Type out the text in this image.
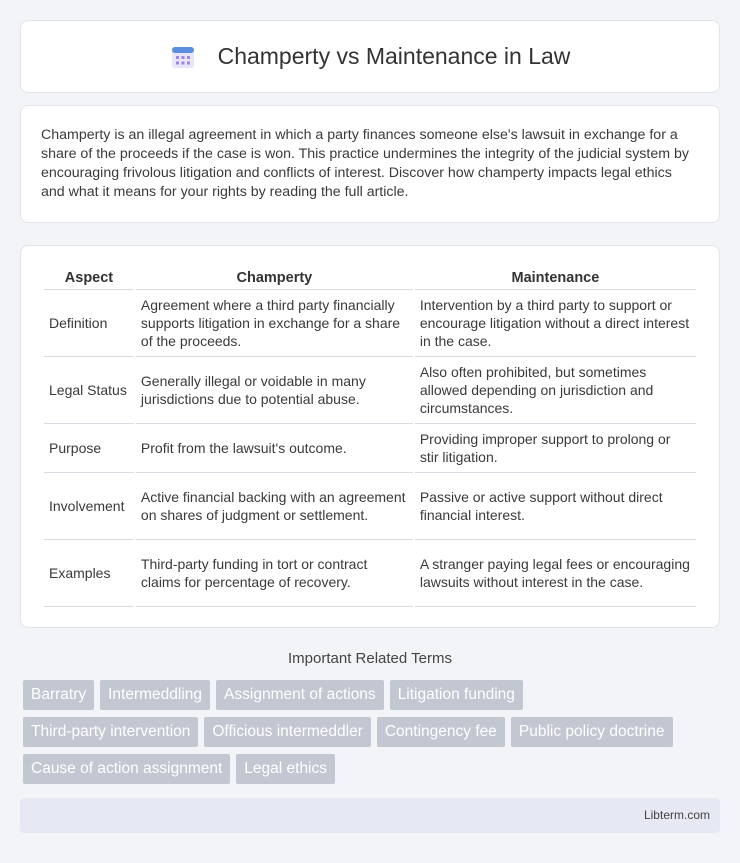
Champerty vs Maintenance in Law

Champerty is an illegal agreement in which a party finances someone else's lawsuit in exchange for a share of the proceeds if the case is won. This practice undermines the integrity of the judicial system by encouraging frivolous litigation and conflicts of interest. Discover how champerty impacts legal ethics and what it means for your rights by reading the full article.

Aspect	Champerty	Maintenance
Definition	Agreement where a third party financially supports litigation in exchange for a share of the proceeds.	Intervention by a third party to support or encourage litigation without a direct interest in the case.
Legal Status	Generally illegal or voidable in many jurisdictions due to potential abuse.	Also often prohibited, but sometimes allowed depending on jurisdiction and circumstances.
Purpose	Profit from the lawsuit's outcome.	Providing improper support to prolong or stir litigation.
Involvement	Active financial backing with an agreement on shares of judgment or settlement.	Passive or active support without direct financial interest.
Examples	Third-party funding in tort or contract claims for percentage of recovery.	A stranger paying legal fees or encouraging lawsuits without interest in the case.
Important Related Terms
Barratry	Intermeddling	Assignment of actions	Litigation funding
Third-party intervention	Officious intermeddler	Contingency fee	Public policy doctrine
Cause of action assignment	Legal ethics
Libterm.com
